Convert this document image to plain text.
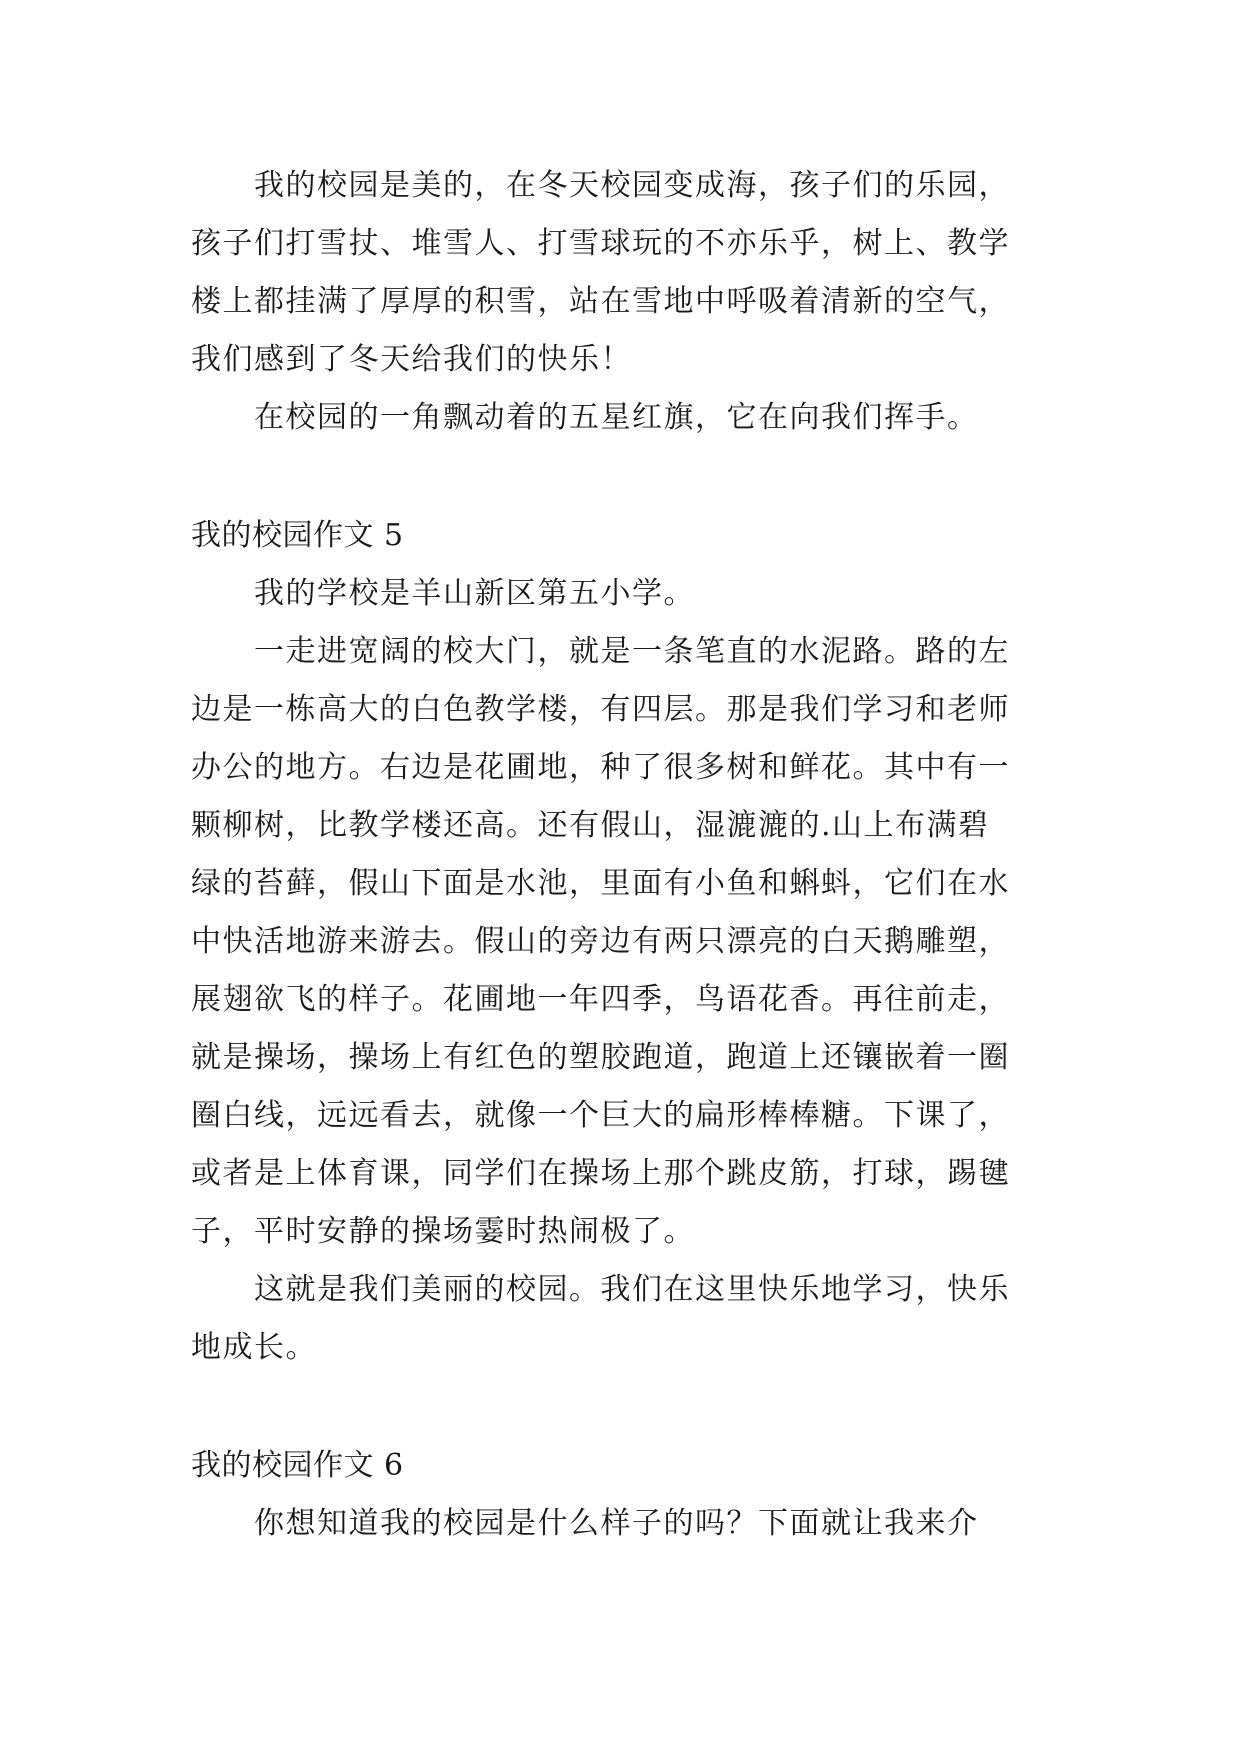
我的校园是美的，在冬天校园变成海，孩子们的乐园，
孩子们打雪扙、堆雪人、打雪球玩的不亦乐乎，树上、教学
楼上都挂满了厚厚的积雪，站在雪地中呼吸着清新的空气，
我们感到了冬天给我们的快乐！
在校园的一角飘动着的五星红旗，它在向我们挥手。
我的校园作文 5
我的学校是羊山新区第五小学。
一走进宽阔的校大门，就是一条笔直的水泥路。路的左
边是一栋高大的白色教学楼，有四层。那是我们学习和老师
办公的地方。右边是花圃地，种了很多树和鲜花。其中有一
颗柳树，比教学楼还高。还有假山，湿漉漉的.山上布满碧
绿的苔藓，假山下面是水池，里面有小鱼和蝌蚪，它们在水
中快活地游来游去。假山的旁边有两只漂亮的白天鹅雕塑，
展翅欲飞的样子。花圃地一年四季，鸟语花香。再往前走，
就是操场，操场上有红色的塑胶跑道，跑道上还镶嵌着一圈
圈白线，远远看去，就像一个巨大的扁形棒棒糖。下课了，
或者是上体育课，同学们在操场上那个跳皮筋，打球，踢毽
子，平时安静的操场霎时热闹极了。
这就是我们美丽的校园。我们在这里快乐地学习，快乐
地成长。
我的校园作文 6
你想知道我的校园是什么样子的吗？下面就让我来介
